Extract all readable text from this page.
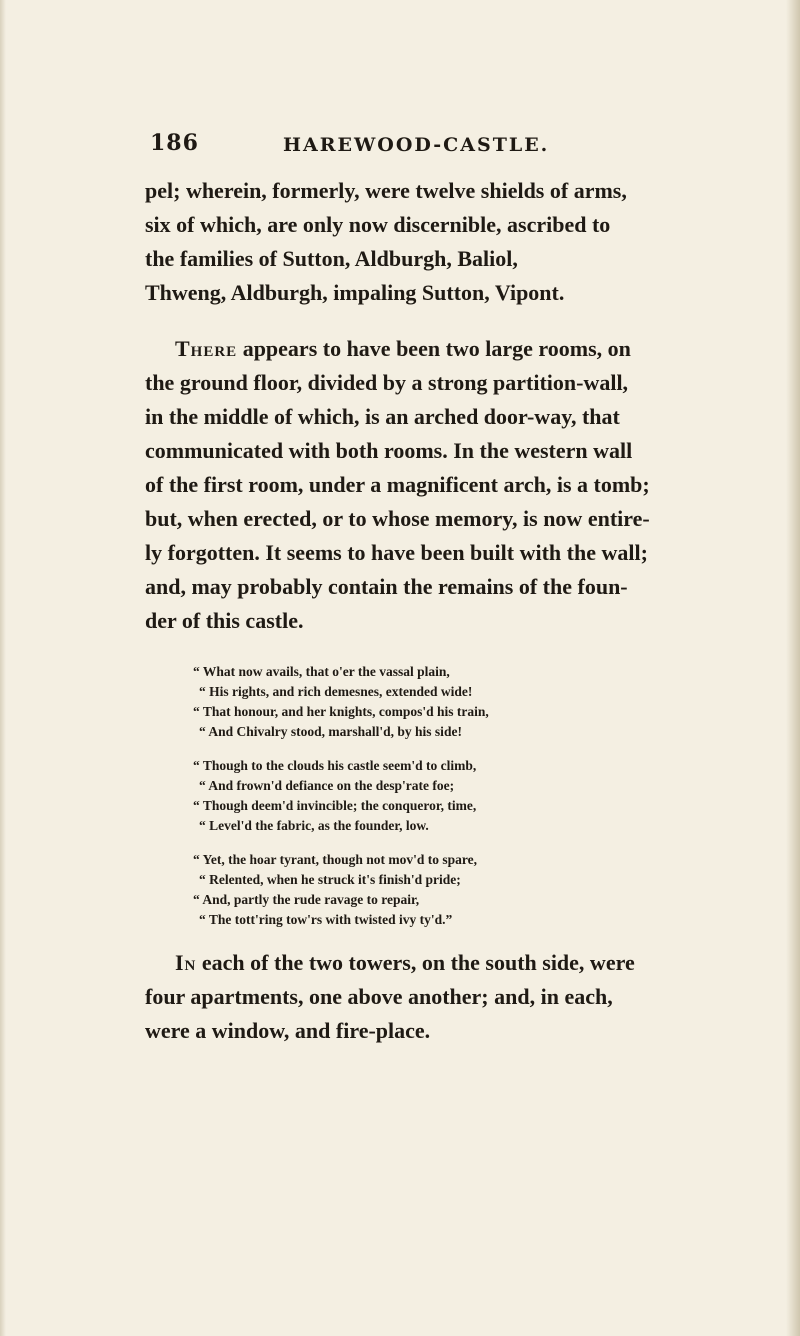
186	HAREWOOD-CASTLE.

pel; wherein, formerly, were twelve shields of arms,
six of which, are only now discernible, ascribed to
the families of Sutton, Aldburgh, Baliol,
Thweng, Aldburgh, impaling Sutton, Vipont.

There appears to have been two large rooms, on
the ground floor, divided by a strong partition-wall,
in the middle of which, is an arched door-way, that
communicated with both rooms. In the western wall
of the first room, under a magnificent arch, is a tomb;
but, when erected, or to whose memory, is now entire-
ly forgotten. It seems to have been built with the wall;
and, may probably contain the remains of the foun-
der of this castle.

“ What now avails, that o'er the vassal plain,
“ His rights, and rich demesnes, extended wide!
“ That honour, and her knights, compos'd his train,
“ And Chivalry stood, marshall'd, by his side!
“ Though to the clouds his castle seem'd to climb,
“ And frown'd defiance on the desp'rate foe;
“ Though deem'd invincible; the conqueror, time,
“ Level'd the fabric, as the founder, low.
“ Yet, the hoar tyrant, though not mov'd to spare,
“ Relented, when he struck it's finish'd pride;
“ And, partly the rude ravage to repair,
“ The tott'ring tow'rs with twisted ivy ty'd.”

In each of the two towers, on the south side, were
four apartments, one above another; and, in each,
were a window, and fire-place.
